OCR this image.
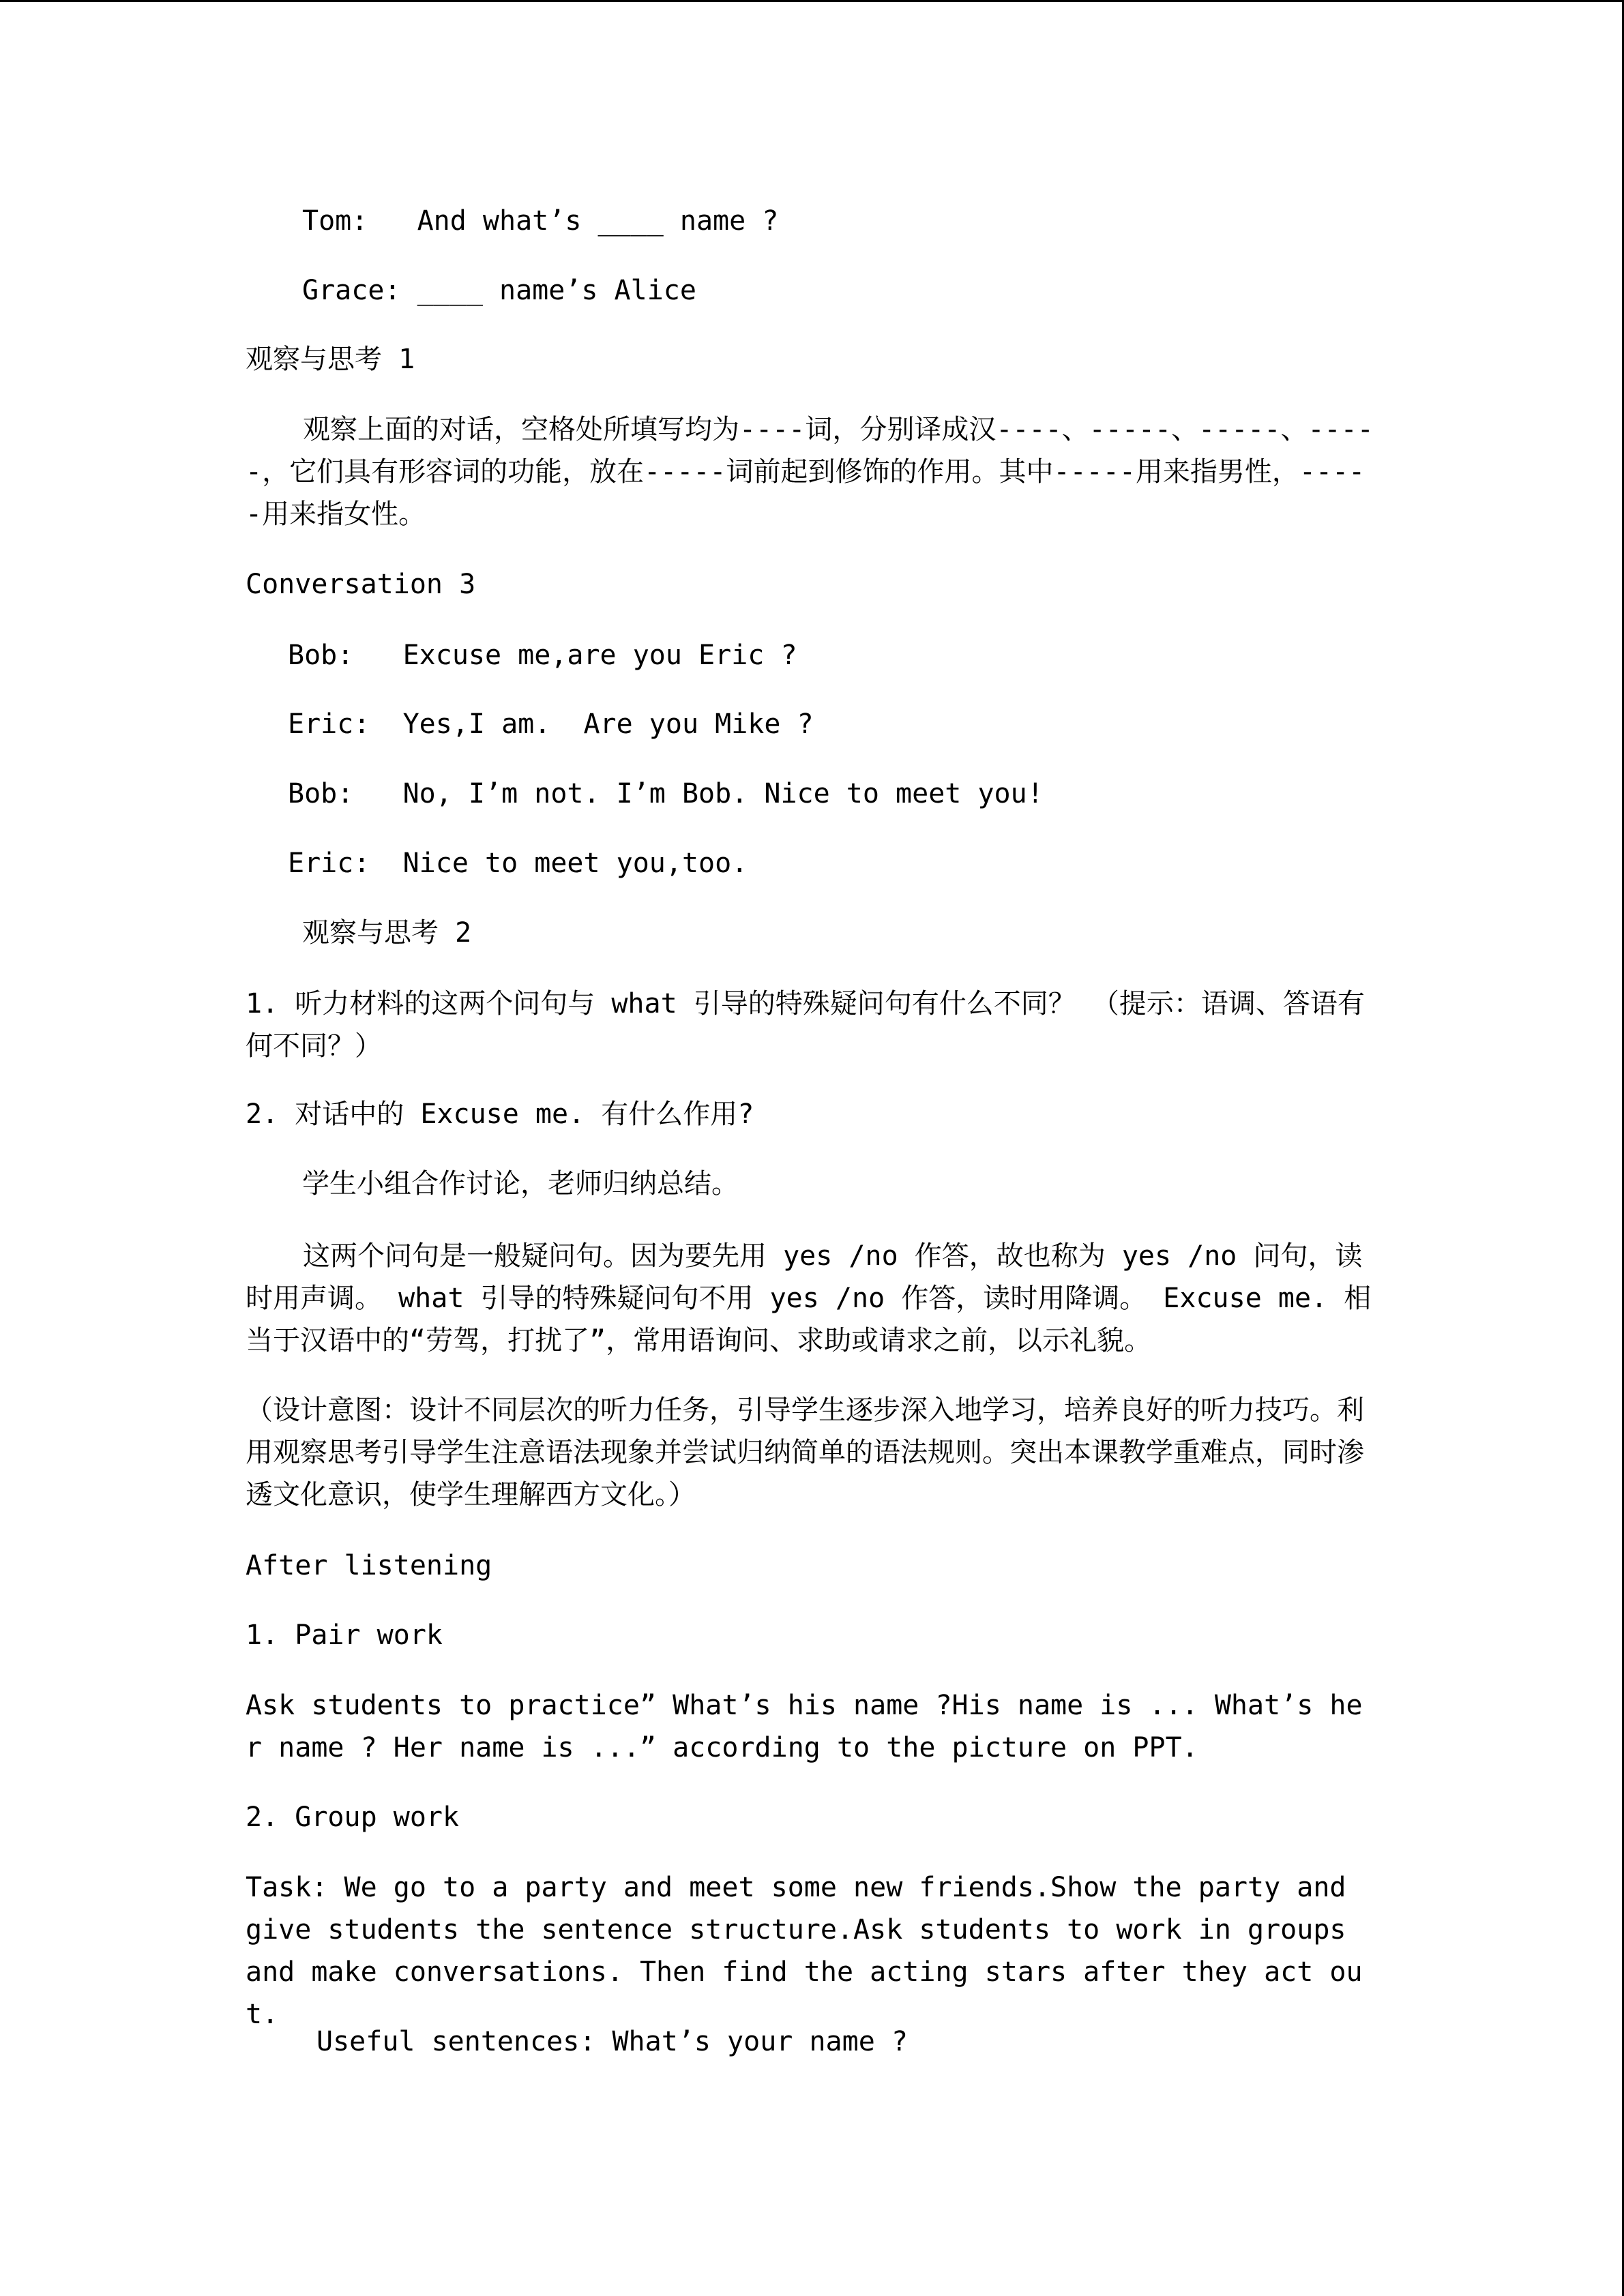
Tom:   And what’s ____ name ?
Grace: ____ name’s Alice
观察与思考 1
观察上面的对话，空格处所填写均为----词，分别译成汉----、-----、-----、-----，它们具有形容词的功能，放在-----词前起到修饰的作用。其中-----用来指男性，-----用来指女性。
Conversation 3
Bob:   Excuse me,are you Eric ?
Eric:  Yes,I am.  Are you Mike ?
Bob:   No, I’m not. I’m Bob. Nice to meet you!
Eric:  Nice to meet you,too.
观察与思考 2
1. 听力材料的这两个问句与 what 引导的特殊疑问句有什么不同？ （提示：语调、答语有何不同？）
2. 对话中的 Excuse me. 有什么作用?
学生小组合作讨论，老师归纳总结。
这两个问句是一般疑问句。因为要先用 yes /no 作答，故也称为 yes /no 问句，读时用声调。 what 引导的特殊疑问句不用 yes /no 作答，读时用降调。 Excuse me. 相当于汉语中的“劳驾，打扰了”，常用语询问、求助或请求之前，以示礼貌。
（设计意图：设计不同层次的听力任务，引导学生逐步深入地学习，培养良好的听力技巧。利用观察思考引导学生注意语法现象并尝试归纳简单的语法规则。突出本课教学重难点，同时渗透文化意识，使学生理解西方文化。）
After listening
1. Pair work
Ask students to practice” What’s his name ?His name is ... What’s her name ? Her name is ...” according to the picture on PPT.
2. Group work
Task: We go to a party and meet some new friends.Show the party and give students the sentence structure.Ask students to work in groups and make conversations. Then find the acting stars after they act out.
Useful sentences: What’s your name ?
